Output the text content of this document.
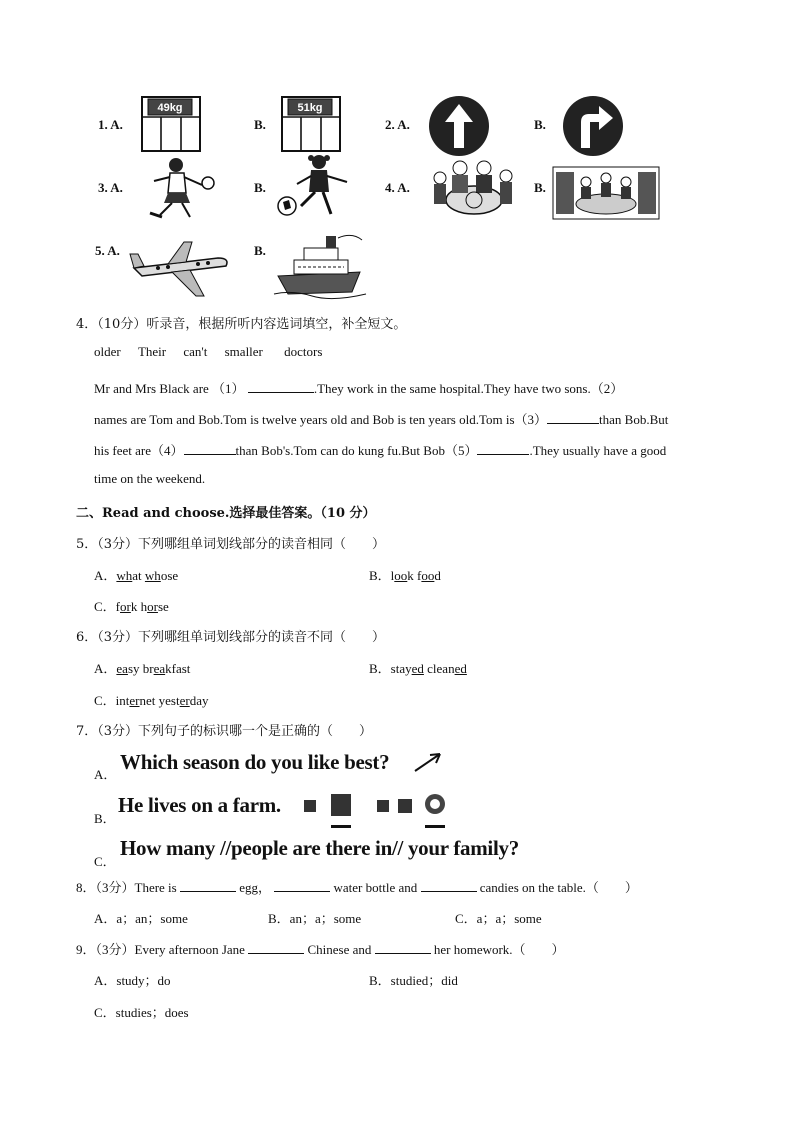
1. A.
49kg
B.
51kg
2. A.	B.
3. A.	B.	4. A.	B.
5. A.	B.
4．（10分）听录音，根据所听内容选词填空，补全短文。
older Their can't smaller doctors
Mr and Mrs Black are （1）	.They work in the same hospital.They have two sons.（2）
names are Tom and Bob.Tom is twelve years old and Bob is ten years old.Tom is（3）	than Bob.But
his feet are（4）	than Bob's.Tom can do kung fu.But Bob（5）	.They usually have a good
time on the weekend.
二、Read and choose.选择最佳答案。（10 分）
5．（3分）下列哪组单词划线部分的读音相同（　　）
A．what whose	B．look food
C．fork horse
6．（3分）下列哪组单词划线部分的读音不同（　　）
A．easy breakfast	B．stayed cleaned
C．internet yesterday
7．（3分）下列句子的标识哪一个是正确的（　　）
A．
Which season do you like best?
B．
He lives on a farm.
C．
How many //people are there in// your family?
8．（3分）There is	egg，	water bottle and	candies on the table.（　　）
A．a；an；some	B．an；a；some	C．a；a；some
9．（3分）Every afternoon Jane	Chinese and	her homework.（　　）
A．study；do	B．studied；did
C．studies；does
